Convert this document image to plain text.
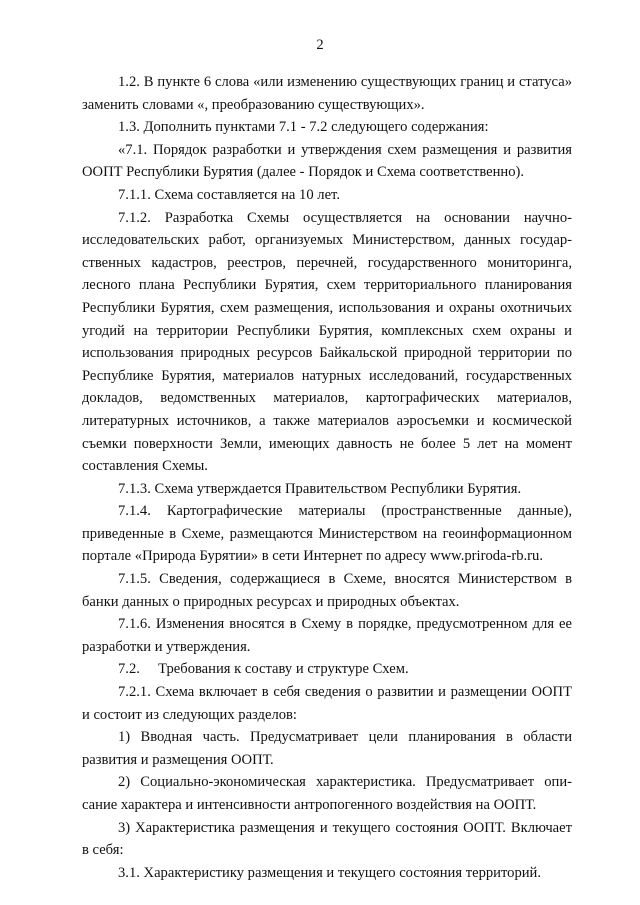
2

1.2. В пункте 6 слова «или изменению существующих границ и статуса» заменить словами «, преобразованию существующих».

1.3. Дополнить пунктами 7.1 - 7.2 следующего содержания:

«7.1. Порядок разработки и утверждения схем размещения и развития ООПТ Республики Бурятия (далее - Порядок и Схема соответственно).

7.1.1. Схема составляется на 10 лет.

7.1.2. Разработка Схемы осуществляется на основании научно-исследовательских работ, организуемых Министерством, данных государственных кадастров, реестров, перечней, государственного мониторинга, лесного плана Республики Бурятия, схем территориального планирования Республики Бурятия, схем размещения, использования и охраны охотничьих угодий на территории Республики Бурятия, комплексных схем охраны и использования природных ресурсов Байкальской природной территории по Республике Бурятия, материалов натурных исследований, государственных докладов, ведомственных материалов, картографических материалов, литературных источников, а также материалов аэросъемки и космической съемки поверхности Земли, имеющих давность не более 5 лет на момент составления Схемы.

7.1.3. Схема утверждается Правительством Республики Бурятия.

7.1.4. Картографические материалы (пространственные данные), приведенные в Схеме, размещаются Министерством на геоинформационном портале «Природа Бурятии» в сети Интернет по адресу www.priroda-rb.ru.

7.1.5. Сведения, содержащиеся в Схеме, вносятся Министерством в банки данных о природных ресурсах и природных объектах.

7.1.6. Изменения вносятся в Схему в порядке, предусмотренном для ее разработки и утверждения.

7.2.  Требования к составу и структуре Схем.

7.2.1. Схема включает в себя сведения о развитии и размещении ООПТ и состоит из следующих разделов:

1) Вводная часть. Предусматривает цели планирования в области развития и размещения ООПТ.

2) Социально-экономическая характеристика. Предусматривает описание характера и интенсивности антропогенного воздействия на ООПТ.

3) Характеристика размещения и текущего состояния ООПТ. Включает в себя:

3.1. Характеристику размещения и текущего состояния территорий.
